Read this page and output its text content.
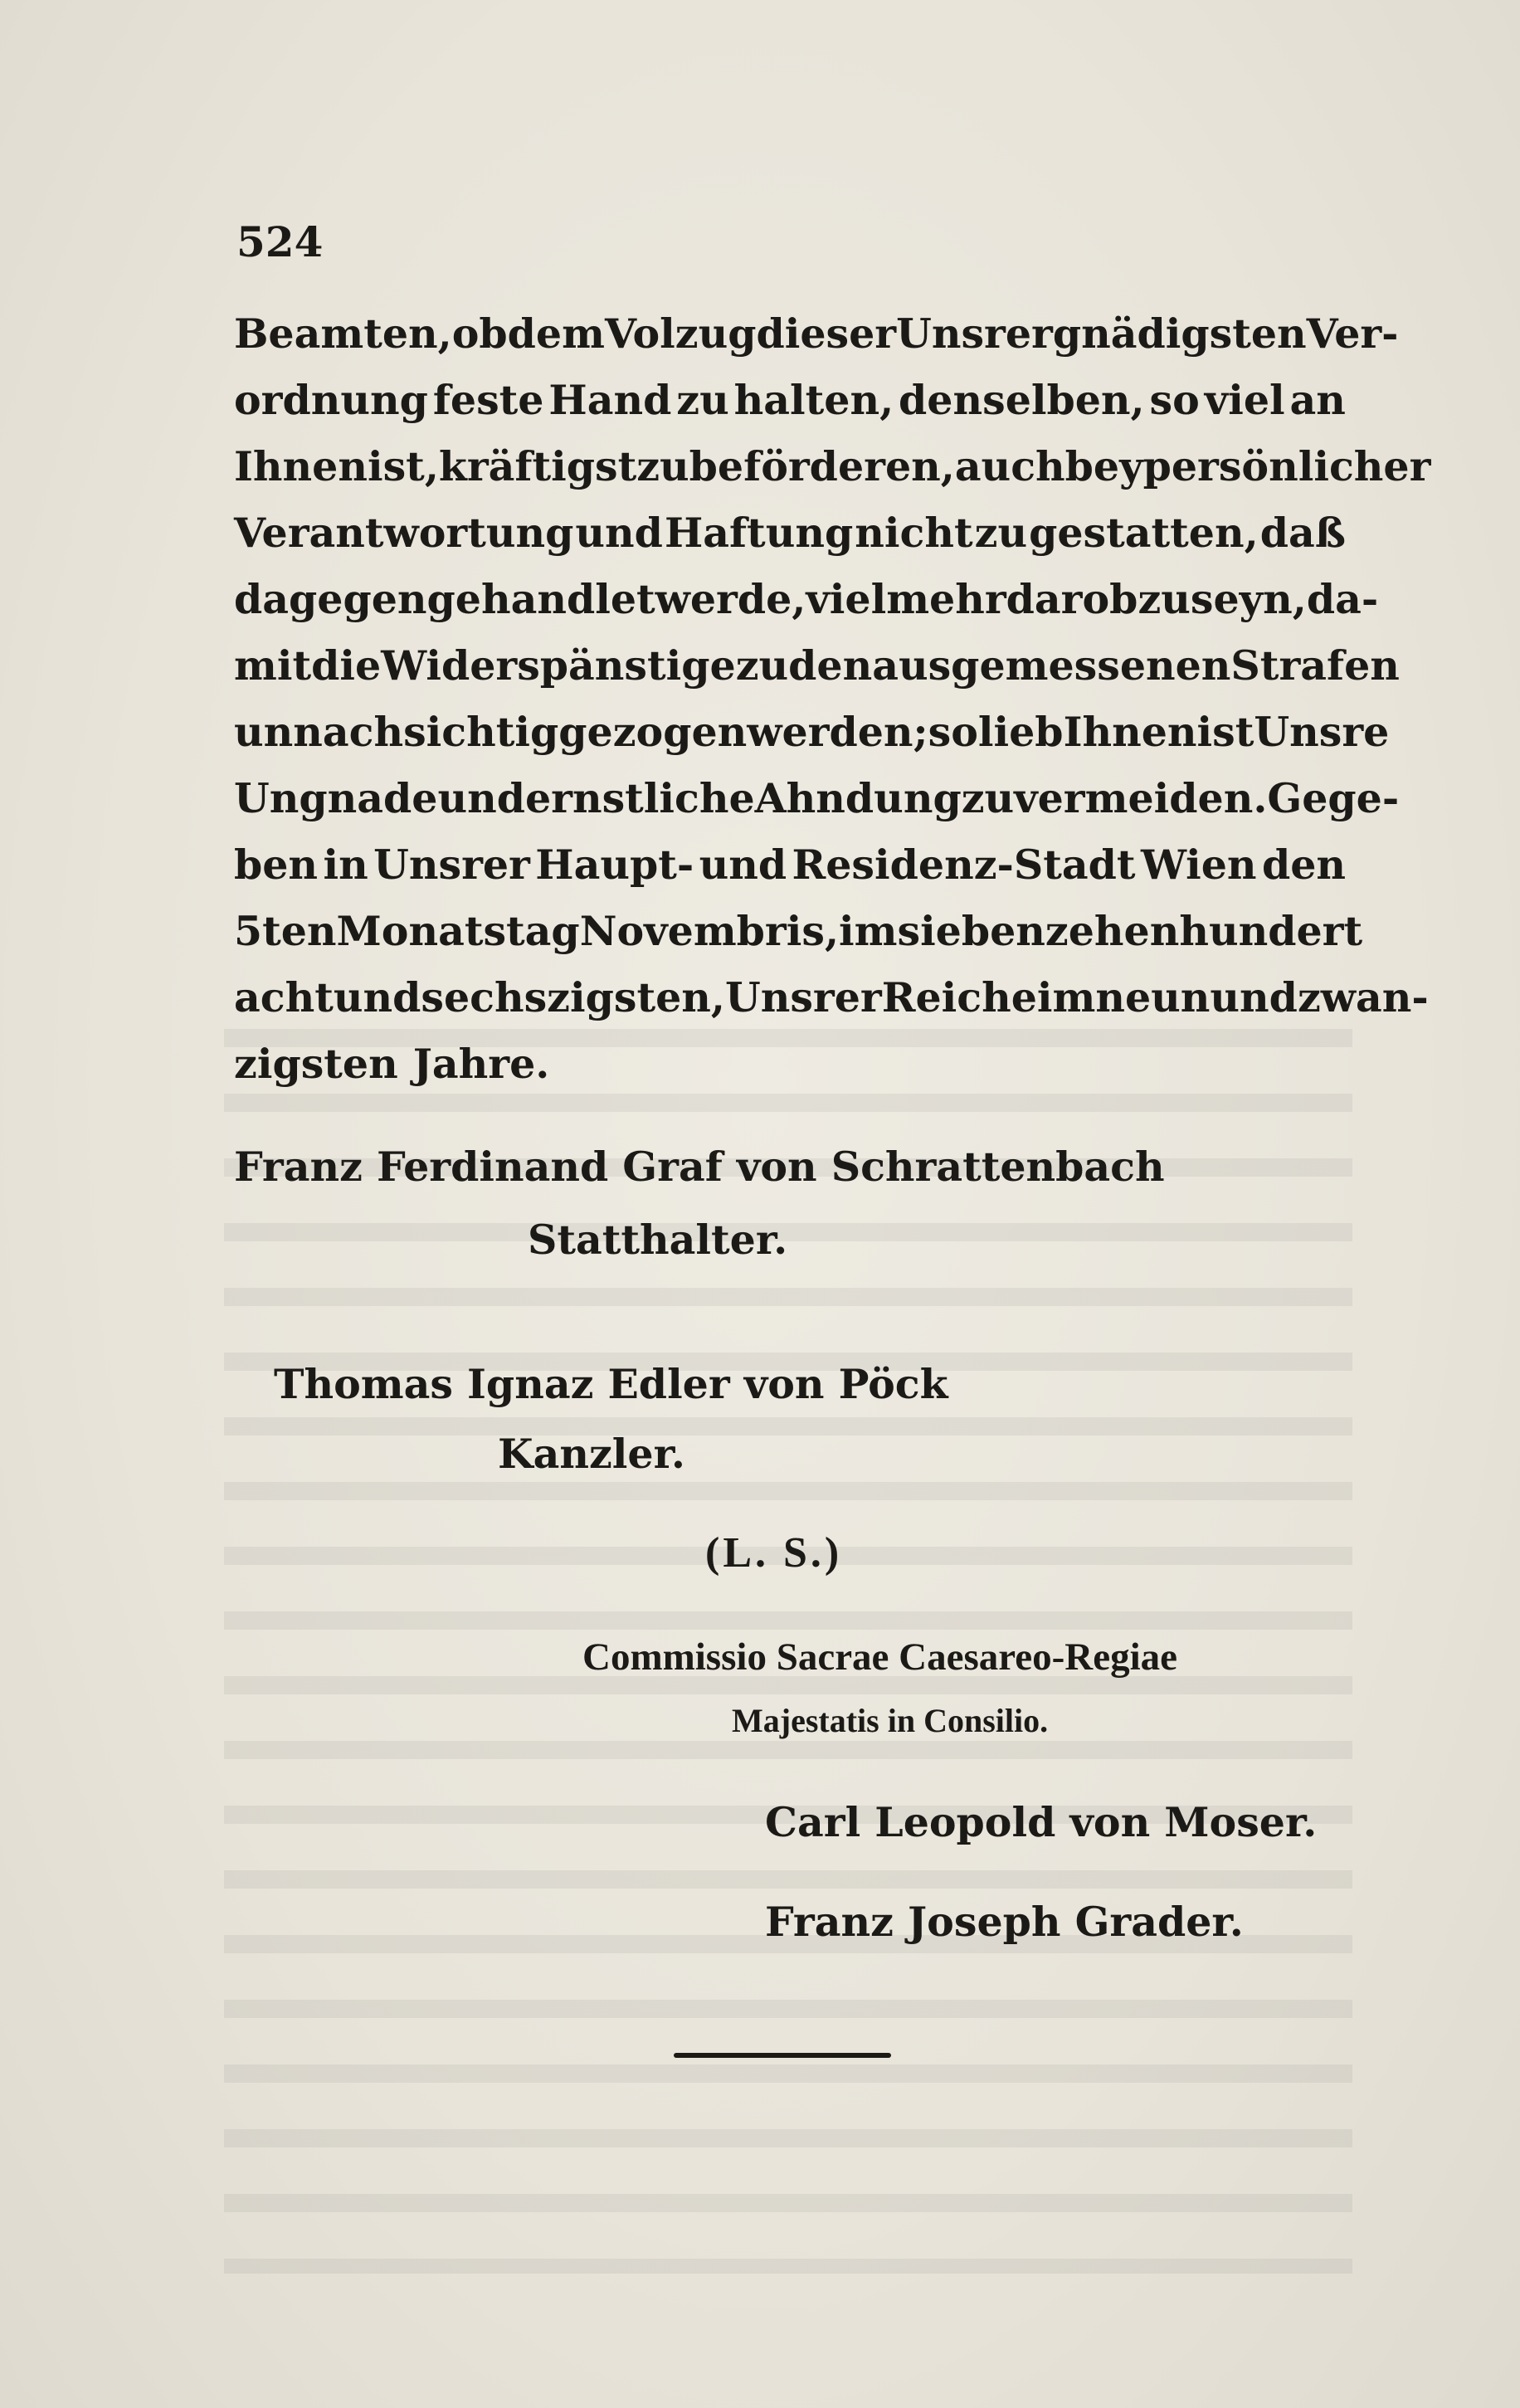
524
Beamten, ob dem Volzug dieser Unsrer gnädigsten Ver-
ordnung feste Hand zu halten, denselben, so viel an
Ihnen ist, kräftigst zu beförderen, auch bey persönlicher
Verantwortung und Haftung nicht zu gestatten, daß
dagegen gehandlet werde, vielmehr darob zu seyn, da-
mit die Widerspänstige zu den ausgemessenen Strafen
unnachsichtig gezogen werden; so lieb Ihnen ist Unsre
Ungnade und ernstliche Ahndung zu vermeiden. Gege-
ben in Unsrer Haupt- und Residenz-Stadt Wien den
5ten Monatstag Novembris, im siebenzehen hundert
acht und sechszigsten, Unsrer Reiche im neun und zwan-
zigsten Jahre.
Franz Ferdinand Graf von Schrattenbach
Statthalter.
Thomas Ignaz Edler von Pöck
Kanzler.
(L. S.)
Commissio Sacrae Caesareo-Regiae
Majestatis in Consilio.
Carl Leopold von Moser.
Franz Joseph Grader.
